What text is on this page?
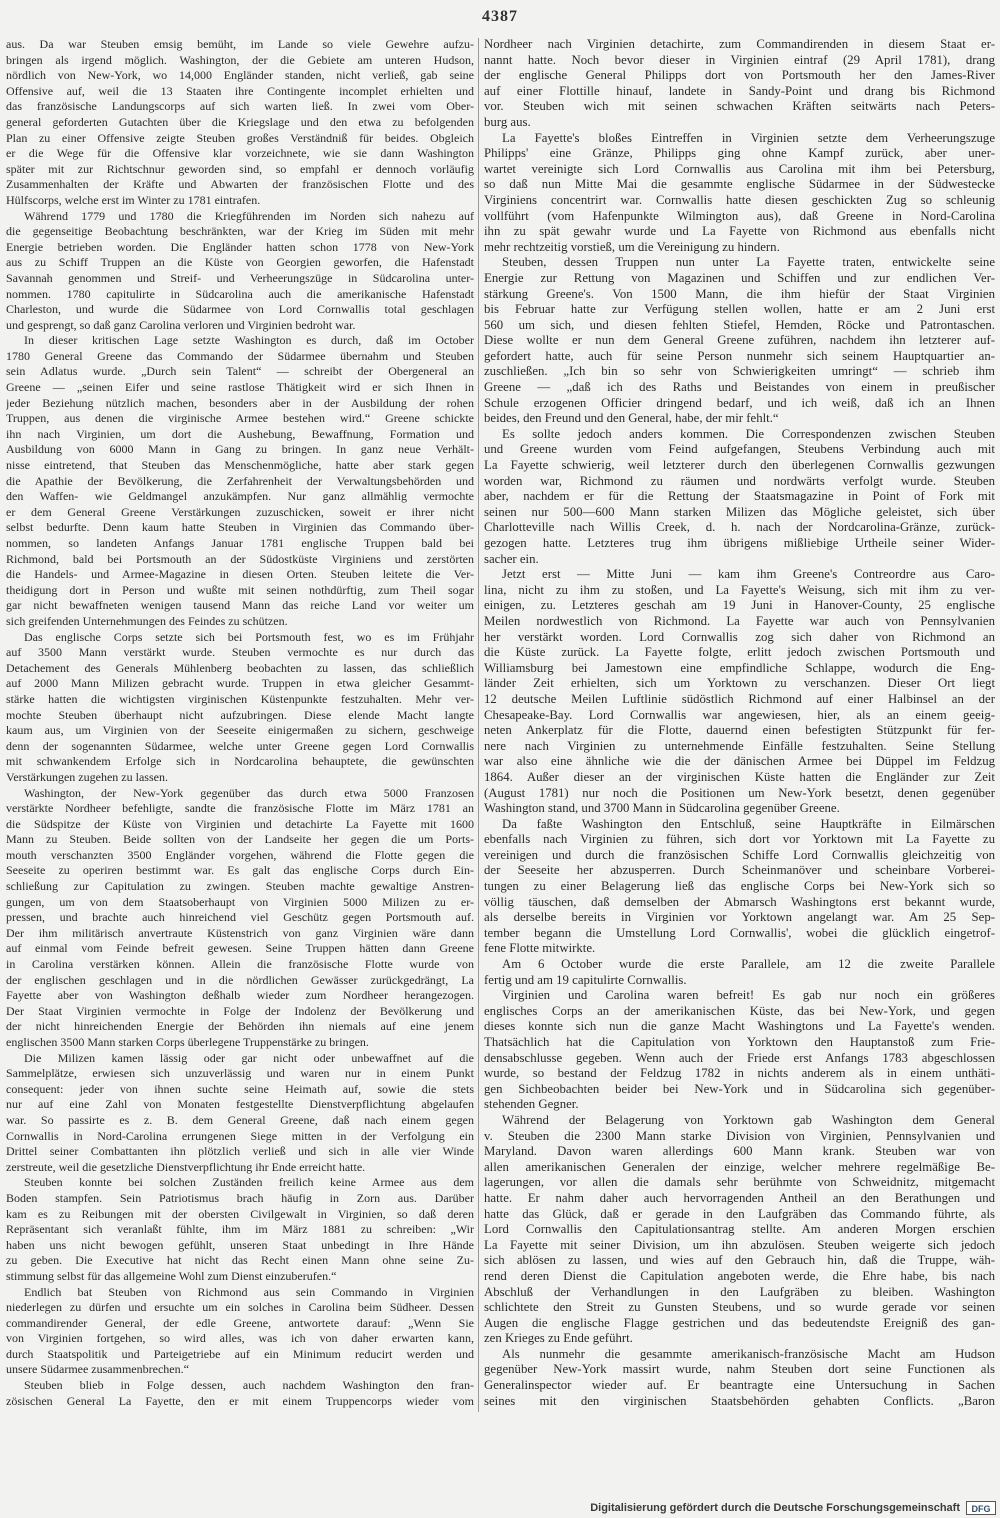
4387
aus. Da war Steuben emsig bemüht, im Lande so viele Gewehre aufzu-
bringen als irgend möglich. Washington, der die Gebiete am unteren Hudson,
nördlich von New-York, wo 14,000 Engländer standen, nicht verließ, gab seine
Offensive auf, weil die 13 Staaten ihre Contingente incomplet erhielten und
das französische Landungscorps auf sich warten ließ. In zwei vom Ober-
general geforderten Gutachten über die Kriegslage und den etwa zu befolgenden
Plan zu einer Offensive zeigte Steuben großes Verständniß für beides. Obgleich
er die Wege für die Offensive klar vorzeichnete, wie sie dann Washington
später mit zur Richtschnur geworden sind, so empfahl er dennoch vorläufig
Zusammenhalten der Kräfte und Abwarten der französischen Flotte und des
Hülfscorps, welche erst im Winter zu 1781 eintrafen.
Während 1779 und 1780 die Kriegführenden im Norden sich nahezu auf
die gegenseitige Beobachtung beschränkten, war der Krieg im Süden mit mehr
Energie betrieben worden. Die Engländer hatten schon 1778 von New-York
aus zu Schiff Truppen an die Küste von Georgien geworfen, die Hafenstadt
Savannah genommen und Streif- und Verheerungszüge in Südcarolina unter-
nommen. 1780 capitulirte in Südcarolina auch die amerikanische Hafenstadt
Charleston, und wurde die Südarmee von Lord Cornwallis total geschlagen
und gesprengt, so daß ganz Carolina verloren und Virginien bedroht war.
In dieser kritischen Lage setzte Washington es durch, daß im October
1780 General Greene das Commando der Südarmee übernahm und Steuben
sein Adlatus wurde. „Durch sein Talent“ — schreibt der Obergeneral an
Greene — „seinen Eifer und seine rastlose Thätigkeit wird er sich Ihnen in
jeder Beziehung nützlich machen, besonders aber in der Ausbildung der rohen
Truppen, aus denen die virginische Armee bestehen wird.“ Greene schickte
ihn nach Virginien, um dort die Aushebung, Bewaffnung, Formation und
Ausbildung von 6000 Mann in Gang zu bringen. In ganz neue Verhält-
nisse eintretend, that Steuben das Menschenmögliche, hatte aber stark gegen
die Apathie der Bevölkerung, die Zerfahrenheit der Verwaltungsbehörden und
den Waffen- wie Geldmangel anzukämpfen. Nur ganz allmählig vermochte
er dem General Greene Verstärkungen zuzuschicken, soweit er ihrer nicht
selbst bedurfte. Denn kaum hatte Steuben in Virginien das Commando über-
nommen, so landeten Anfangs Januar 1781 englische Truppen bald bei
Richmond, bald bei Portsmouth an der Südostküste Virginiens und zerstörten
die Handels- und Armee-Magazine in diesen Orten. Steuben leitete die Ver-
theidigung dort in Person und wußte mit seinen nothdürftig, zum Theil sogar
gar nicht bewaffneten wenigen tausend Mann das reiche Land vor weiter um
sich greifenden Unternehmungen des Feindes zu schützen.
Das englische Corps setzte sich bei Portsmouth fest, wo es im Frühjahr
auf 3500 Mann verstärkt wurde. Steuben vermochte es nur durch das
Detachement des Generals Mühlenberg beobachten zu lassen, das schließlich
auf 2000 Mann Milizen gebracht wurde. Truppen in etwa gleicher Gesammt-
stärke hatten die wichtigsten virginischen Küstenpunkte festzuhalten. Mehr ver-
mochte Steuben überhaupt nicht aufzubringen. Diese elende Macht langte
kaum aus, um Virginien von der Seeseite einigermaßen zu sichern, geschweige
denn der sogenannten Südarmee, welche unter Greene gegen Lord Cornwallis
mit schwankendem Erfolge sich in Nordcarolina behauptete, die gewünschten
Verstärkungen zugehen zu lassen.
Washington, der New-York gegenüber das durch etwa 5000 Franzosen
verstärkte Nordheer befehligte, sandte die französische Flotte im März 1781 an
die Südspitze der Küste von Virginien und detachirte La Fayette mit 1600
Mann zu Steuben. Beide sollten von der Landseite her gegen die um Ports-
mouth verschanzten 3500 Engländer vorgehen, während die Flotte gegen die
Seeseite zu operiren bestimmt war. Es galt das englische Corps durch Ein-
schließung zur Capitulation zu zwingen. Steuben machte gewaltige Anstren-
gungen, um von dem Staatsoberhaupt von Virginien 5000 Milizen zu er-
pressen, und brachte auch hinreichend viel Geschütz gegen Portsmouth auf.
Der ihm militärisch anvertraute Küstenstrich von ganz Virginien wäre dann
auf einmal vom Feinde befreit gewesen. Seine Truppen hätten dann Greene
in Carolina verstärken können. Allein die französische Flotte wurde von
der englischen geschlagen und in die nördlichen Gewässer zurückgedrängt, La
Fayette aber von Washington deßhalb wieder zum Nordheer herangezogen.
Der Staat Virginien vermochte in Folge der Indolenz der Bevölkerung und
der nicht hinreichenden Energie der Behörden ihn niemals auf eine jenem
englischen 3500 Mann starken Corps überlegene Truppenstärke zu bringen.
Die Milizen kamen lässig oder gar nicht oder unbewaffnet auf die
Sammelplätze, erwiesen sich unzuverlässig und waren nur in einem Punkt
consequent: jeder von ihnen suchte seine Heimath auf, sowie die stets
nur auf eine Zahl von Monaten festgestellte Dienstverpflichtung abgelaufen
war. So passirte es z. B. dem General Greene, daß nach einem gegen
Cornwallis in Nord-Carolina errungenen Siege mitten in der Verfolgung ein
Drittel seiner Combattanten ihn plötzlich verließ und sich in alle vier Winde
zerstreute, weil die gesetzliche Dienstverpflichtung ihr Ende erreicht hatte.
Steuben konnte bei solchen Zuständen freilich keine Armee aus dem
Boden stampfen. Sein Patriotismus brach häufig in Zorn aus. Darüber
kam es zu Reibungen mit der obersten Civilgewalt in Virginien, so daß deren
Repräsentant sich veranlaßt fühlte, ihm im März 1881 zu schreiben: „Wir
haben uns nicht bewogen gefühlt, unseren Staat unbedingt in Ihre Hände
zu geben. Die Executive hat nicht das Recht einen Mann ohne seine Zu-
stimmung selbst für das allgemeine Wohl zum Dienst einzuberufen.“
Endlich bat Steuben von Richmond aus sein Commando in Virginien
niederlegen zu dürfen und ersuchte um ein solches in Carolina beim Südheer. Dessen
commandirender General, der edle Greene, antwortete darauf: „Wenn Sie
von Virginien fortgehen, so wird alles, was ich von daher erwarten kann,
durch Staatspolitik und Parteigetriebe auf ein Minimum reducirt werden und
unsere Südarmee zusammenbrechen.“
Steuben blieb in Folge dessen, auch nachdem Washington den fran-
zösischen General La Fayette, den er mit einem Truppencorps wieder vom
Nordheer nach Virginien detachirte, zum Commandirenden in diesem Staat er-
nannt hatte. Noch bevor dieser in Virginien eintraf (29 April 1781), drang
der englische General Philipps dort von Portsmouth her den James-River
auf einer Flottille hinauf, landete in Sandy-Point und drang bis Richmond
vor. Steuben wich mit seinen schwachen Kräften seitwärts nach Peters-
burg aus.
La Fayette's bloßes Eintreffen in Virginien setzte dem Verheerungszuge
Philipps' eine Gränze, Philipps ging ohne Kampf zurück, aber uner-
wartet vereinigte sich Lord Cornwallis aus Carolina mit ihm bei Petersburg,
so daß nun Mitte Mai die gesammte englische Südarmee in der Südwestecke
Virginiens concentrirt war. Cornwallis hatte diesen geschickten Zug so schleunig
vollführt (vom Hafenpunkte Wilmington aus), daß Greene in Nord-Carolina
ihn zu spät gewahr wurde und La Fayette von Richmond aus ebenfalls nicht
mehr rechtzeitig vorstieß, um die Vereinigung zu hindern.
Steuben, dessen Truppen nun unter La Fayette traten, entwickelte seine
Energie zur Rettung von Magazinen und Schiffen und zur endlichen Ver-
stärkung Greene's. Von 1500 Mann, die ihm hiefür der Staat Virginien
bis Februar hatte zur Verfügung stellen wollen, hatte er am 2 Juni erst
560 um sich, und diesen fehlten Stiefel, Hemden, Röcke und Patrontaschen.
Diese wollte er nun dem General Greene zuführen, nachdem ihn letzterer auf-
gefordert hatte, auch für seine Person nunmehr sich seinem Hauptquartier an-
zuschließen. „Ich bin so sehr von Schwierigkeiten umringt“ — schrieb ihm
Greene — „daß ich des Raths und Beistandes von einem in preußischer
Schule erzogenen Officier dringend bedarf, und ich weiß, daß ich an Ihnen
beides, den Freund und den General, habe, der mir fehlt.“
Es sollte jedoch anders kommen. Die Correspondenzen zwischen Steuben
und Greene wurden vom Feind aufgefangen, Steubens Verbindung auch mit
La Fayette schwierig, weil letzterer durch den überlegenen Cornwallis gezwungen
worden war, Richmond zu räumen und nordwärts verfolgt wurde. Steuben
aber, nachdem er für die Rettung der Staatsmagazine in Point of Fork mit
seinen nur 500—600 Mann starken Milizen das Mögliche geleistet, sich über
Charlotteville nach Willis Creek, d. h. nach der Nordcarolina-Gränze, zurück-
gezogen hatte. Letzteres trug ihm übrigens mißliebige Urtheile seiner Wider-
sacher ein.
Jetzt erst — Mitte Juni — kam ihm Greene's Contreordre aus Caro-
lina, nicht zu ihm zu stoßen, und La Fayette's Weisung, sich mit ihm zu ver-
einigen, zu. Letzteres geschah am 19 Juni in Hanover-County, 25 englische
Meilen nordwestlich von Richmond. La Fayette war auch von Pennsylvanien
her verstärkt worden. Lord Cornwallis zog sich daher von Richmond an
die Küste zurück. La Fayette folgte, erlitt jedoch zwischen Portsmouth und
Williamsburg bei Jamestown eine empfindliche Schlappe, wodurch die Eng-
länder Zeit erhielten, sich um Yorktown zu verschanzen. Dieser Ort liegt
12 deutsche Meilen Luftlinie südöstlich Richmond auf einer Halbinsel an der
Chesapeake-Bay. Lord Cornwallis war angewiesen, hier, als an einem geeig-
neten Ankerplatz für die Flotte, dauernd einen befestigten Stützpunkt für fer-
nere nach Virginien zu unternehmende Einfälle festzuhalten. Seine Stellung
war also eine ähnliche wie die der dänischen Armee bei Düppel im Feldzug
1864. Außer dieser an der virginischen Küste hatten die Engländer zur Zeit
(August 1781) nur noch die Positionen um New-York besetzt, denen gegenüber
Washington stand, und 3700 Mann in Südcarolina gegenüber Greene.
Da faßte Washington den Entschluß, seine Hauptkräfte in Eilmärschen
ebenfalls nach Virginien zu führen, sich dort vor Yorktown mit La Fayette zu
vereinigen und durch die französischen Schiffe Lord Cornwallis gleichzeitig von
der Seeseite her abzusperren. Durch Scheinmanöver und scheinbare Vorberei-
tungen zu einer Belagerung ließ das englische Corps bei New-York sich so
völlig täuschen, daß demselben der Abmarsch Washingtons erst bekannt wurde,
als derselbe bereits in Virginien vor Yorktown angelangt war. Am 25 Sep-
tember begann die Umstellung Lord Cornwallis', wobei die glücklich eingetrof-
fene Flotte mitwirkte.
Am 6 October wurde die erste Parallele, am 12 die zweite Parallele
fertig und am 19 capitulirte Cornwallis.
Virginien und Carolina waren befreit! Es gab nur noch ein größeres
englisches Corps an der amerikanischen Küste, das bei New-York, und gegen
dieses konnte sich nun die ganze Macht Washingtons und La Fayette's wenden.
Thatsächlich hat die Capitulation von Yorktown den Hauptanstoß zum Frie-
densabschlusse gegeben. Wenn auch der Friede erst Anfangs 1783 abgeschlossen
wurde, so bestand der Feldzug 1782 in nichts anderem als in einem unthäti-
gen Sichbeobachten beider bei New-York und in Südcarolina sich gegenüber-
stehenden Gegner.
Während der Belagerung von Yorktown gab Washington dem General
v. Steuben die 2300 Mann starke Division von Virginien, Pennsylvanien und
Maryland. Davon waren allerdings 600 Mann krank. Steuben war von
allen amerikanischen Generalen der einzige, welcher mehrere regelmäßige Be-
lagerungen, vor allen die damals sehr berühmte von Schweidnitz, mitgemacht
hatte. Er nahm daher auch hervorragenden Antheil an den Berathungen und
hatte das Glück, daß er gerade in den Laufgräben das Commando führte, als
Lord Cornwallis den Capitulationsantrag stellte. Am anderen Morgen erschien
La Fayette mit seiner Division, um ihn abzulösen. Steuben weigerte sich jedoch
sich ablösen zu lassen, und wies auf den Gebrauch hin, daß die Truppe, wäh-
rend deren Dienst die Capitulation angeboten werde, die Ehre habe, bis nach
Abschluß der Verhandlungen in den Laufgräben zu bleiben. Washington
schlichtete den Streit zu Gunsten Steubens, und so wurde gerade vor seinen
Augen die englische Flagge gestrichen und das bedeutendste Ereigniß des gan-
zen Krieges zu Ende geführt.
Als nunmehr die gesammte amerikanisch-französische Macht am Hudson
gegenüber New-York massirt wurde, nahm Steuben dort seine Functionen als
Generalinspector wieder auf. Er beantragte eine Untersuchung in Sachen
seines mit den virginischen Staatsbehörden gehabten Conflicts. „Baron
Digitalisierung gefördert durch die Deutsche Forschungsgemeinschaft	DFG
